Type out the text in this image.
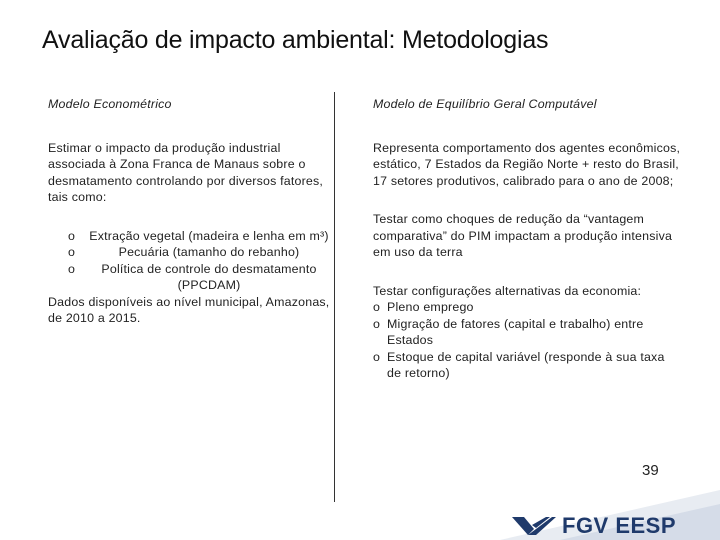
Avaliação de impacto ambiental: Metodologias
Modelo Econométrico
Estimar o impacto da produção industrial associada à Zona Franca de Manaus sobre o desmatamento controlando por diversos fatores, tais como:
o Extração vegetal (madeira e lenha em m³)
o	Pecuária (tamanho do rebanho)
o Política de controle do desmatamento (PPCDAM)
Dados disponíveis ao nível municipal, Amazonas, de 2010 a 2015.
Modelo de Equilíbrio Geral Computável
Representa comportamento dos agentes econômicos, estático, 7 Estados da Região Norte + resto do Brasil, 17 setores produtivos, calibrado para o ano de 2008;
Testar como choques de redução da “vantagem comparativa” do PIM impactam a produção intensiva em uso da terra
Testar configurações alternativas da economia:
o Pleno emprego
o Migração de fatores (capital e trabalho) entre Estados
o Estoque de capital variável (responde à sua taxa de retorno)
39
FGV EESP
